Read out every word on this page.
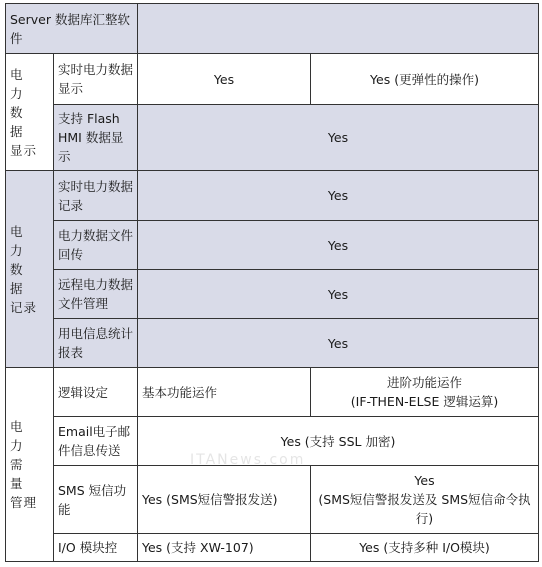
Server 数据库汇整软件			
电　力
数　据
显示	实时电力数据显示	Yes	Yes (更弹性的操作)
	支持 Flash HMI 数据显示	Yes	
电　力
数　据
记录	实时电力数据记录	Yes	
	电力数据文件回传	Yes	
	远程电力数据文件管理	Yes	
	用电信息统计报表	Yes	
电　力
需　量
管理	逻辑设定	基本功能运作	进阶功能运作
(IF-THEN-ELSE 逻辑运算)
	Email电子邮件信息传送	Yes (支持 SSL 加密)	
	SMS 短信功能	Yes (SMS短信警报发送)	Yes
(SMS短信警报发送及 SMS短信命令执行)
	I/O 模块控	Yes (支持 XW-107)	Yes (支持多种 I/O模块)
ITANews.com
